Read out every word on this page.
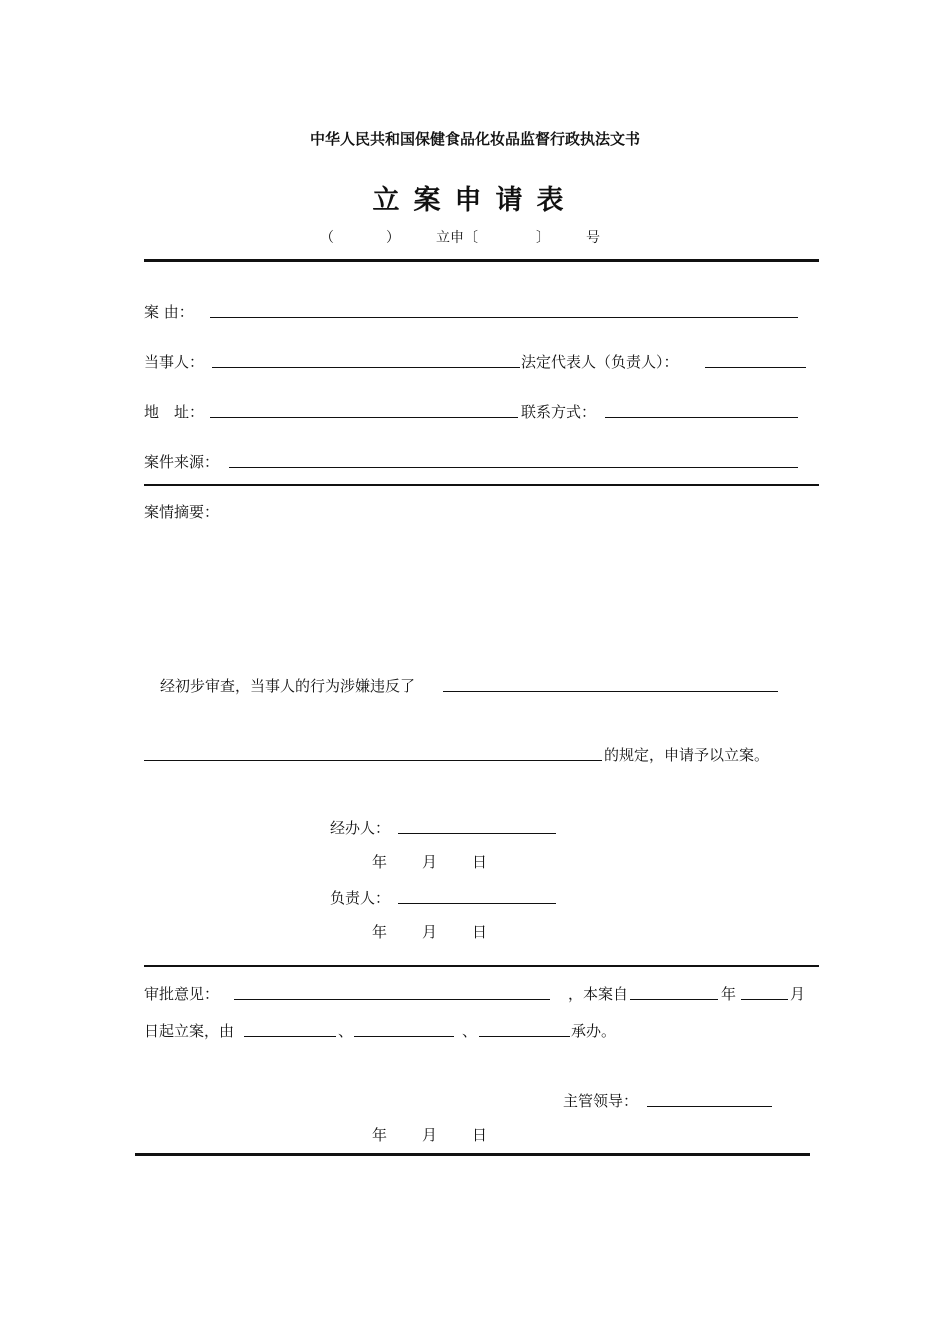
中华人民共和国保健食品化妆品监督行政执法文书
立案申请表
（	）	立申〔	〕	号
案 由：
当事人：	法定代表人（负责人）：
地　址：	联系方式：
案件来源：
案情摘要：
经初步审查，当事人的行为涉嫌违反了
的规定，申请予以立案。
经办人：
年 月 日
负责人：
年 月 日
审批意见：	，本案自	年	月
日起立案，由	、	、	承办。
主管领导：
年 月 日
